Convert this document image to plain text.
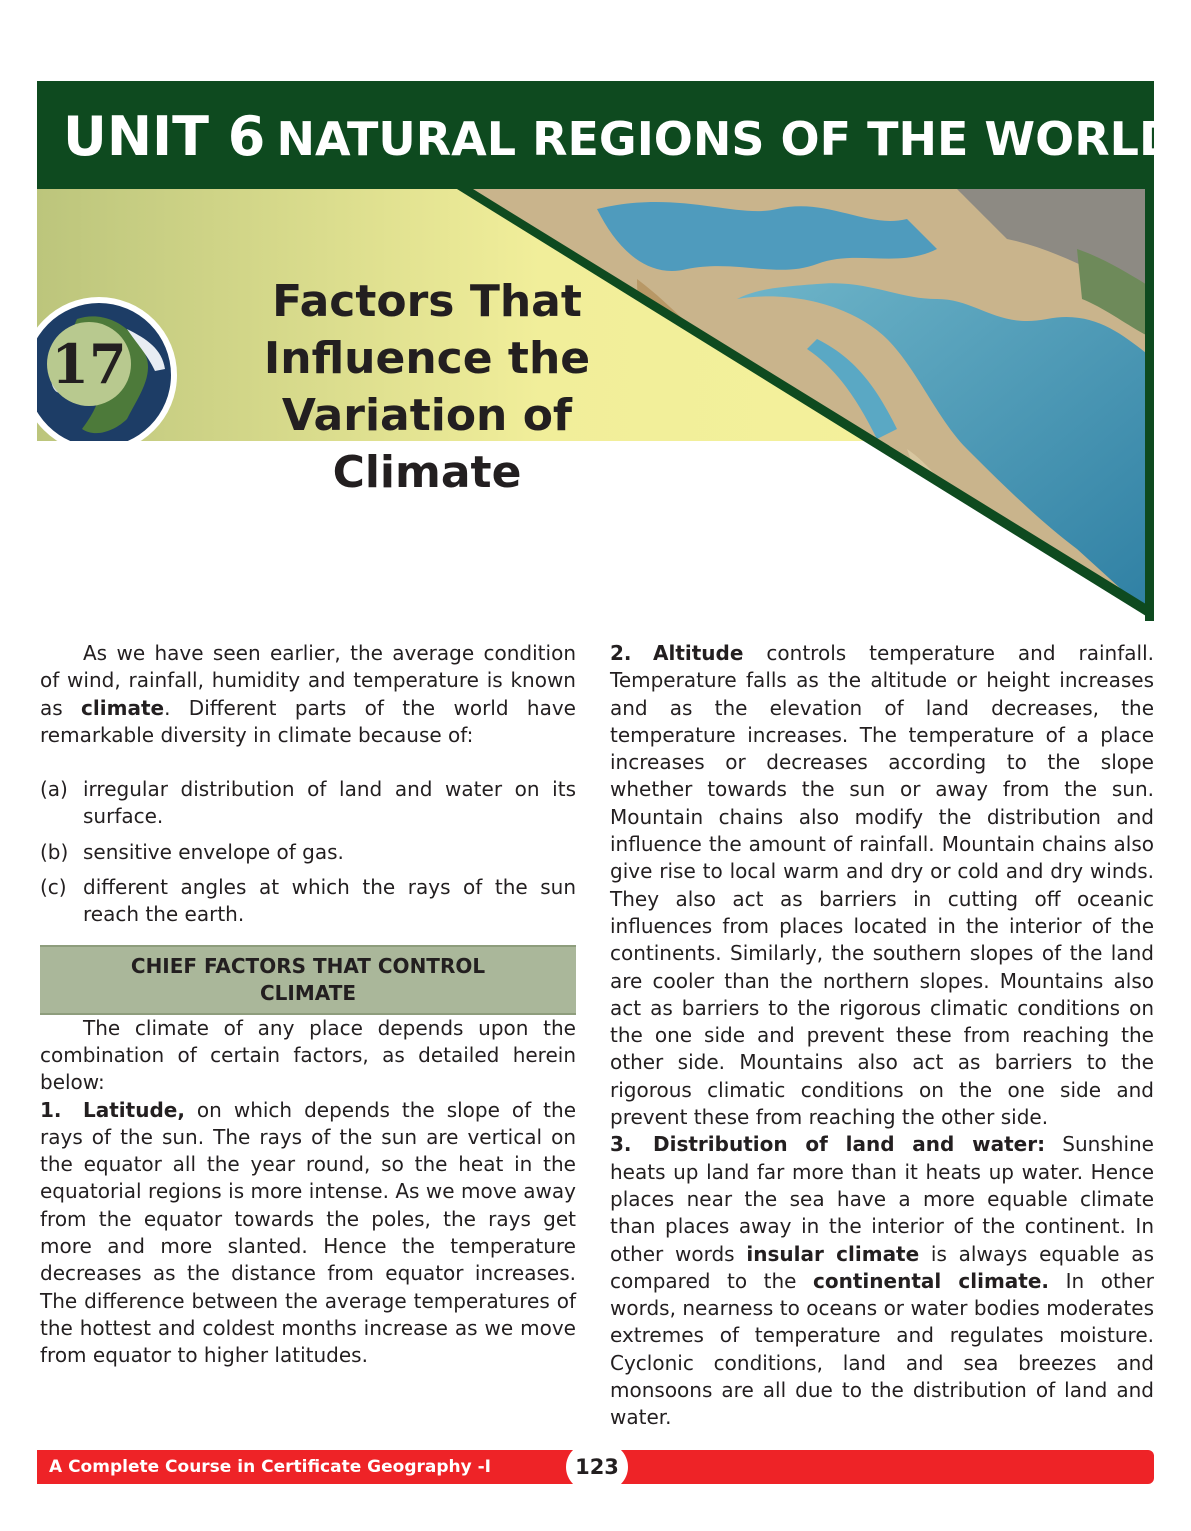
UNIT 6 NATURAL REGIONS OF THE WORLD
17
Factors That
Influence the
Variation of Climate

As we have seen earlier, the average condition of wind, rainfall, humidity and temperature is known as climate. Different parts of the world have remarkable diversity in climate because of:

(a) irregular distribution of land and water on its surface.
(b) sensitive envelope of gas.
(c) different angles at which the rays of the sun reach the earth.
CHIEF FACTORS THAT CONTROL CLIMATE

The climate of any place depends upon the combination of certain factors, as detailed herein below:

1. Latitude, on which depends the slope of the rays of the sun. The rays of the sun are vertical on the equator all the year round, so the heat in the equatorial regions is more intense. As we move away from the equator towards the poles, the rays get more and more slanted. Hence the temperature decreases as the distance from equator increases. The difference between the average temperatures of the hottest and coldest months increase as we move from equator to higher latitudes.

2. Altitude controls temperature and rainfall. Temperature falls as the altitude or height increases and as the elevation of land decreases, the temperature increases. The temperature of a place increases or decreases according to the slope whether towards the sun or away from the sun. Mountain chains also modify the distribution and influence the amount of rainfall. Mountain chains also give rise to local warm and dry or cold and dry winds. They also act as barriers in cutting off oceanic influences from places located in the interior of the continents. Similarly, the southern slopes of the land are cooler than the northern slopes. Mountains also act as barriers to the rigorous climatic conditions on the one side and prevent these from reaching the other side. Mountains also act as barriers to the rigorous climatic conditions on the one side and prevent these from reaching the other side.

3. Distribution of land and water: Sunshine heats up land far more than it heats up water. Hence places near the sea have a more equable climate than places away in the interior of the continent. In other words insular climate is always equable as compared to the continental climate. In other words, nearness to oceans or water bodies moderates extremes of temperature and regulates moisture. Cyclonic conditions, land and sea breezes and monsoons are all due to the distribution of land and water.

A Complete Course in Certificate Geography -I	123
